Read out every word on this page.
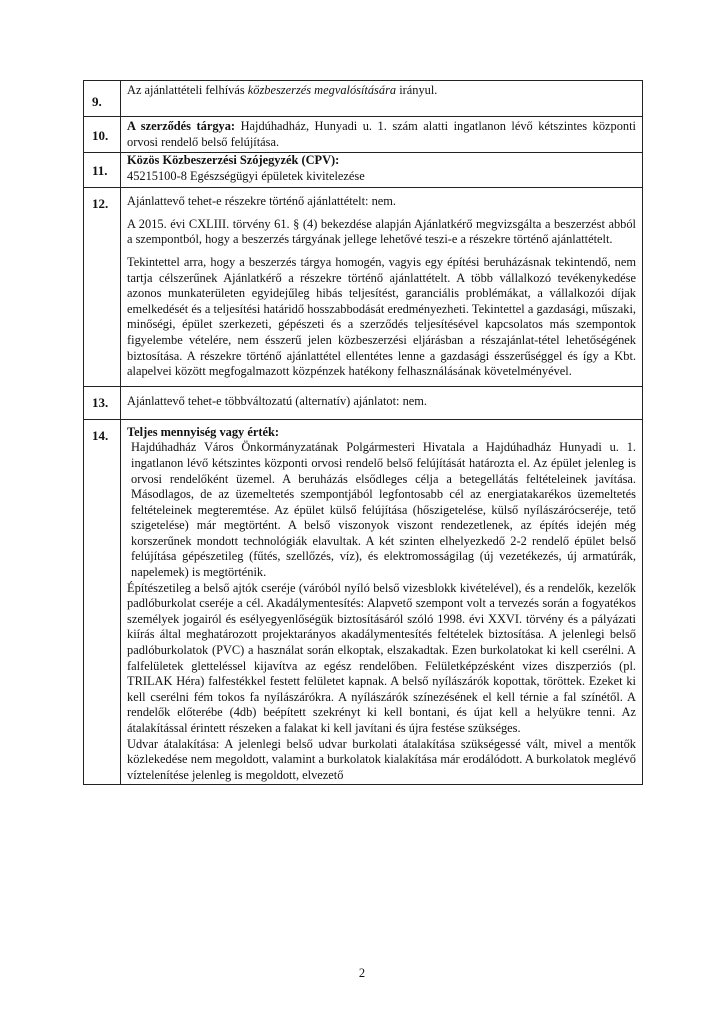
9.	Az ajánlattételi felhívás közbeszerzés megvalósítására irányul.

10.	A szerződés tárgya: Hajdúhadház, Hunyadi u. 1. szám alatti ingatlanon lévő kétszintes központi orvosi rendelő belső felújítása.

11.	Közös Közbeszerzési Szójegyzék (CPV):
45215100-8 Egészségügyi épületek kivitelezése

12.	Ajánlattevő tehet-e részekre történő ajánlattételt: nem.

A 2015. évi CXLIII. törvény 61. § (4) bekezdése alapján Ajánlatkérő megvizsgálta a beszerzést abból a szempontból, hogy a beszerzés tárgyának jellege lehetővé teszi-e a részekre történő ajánlattételt.

Tekintettel arra, hogy a beszerzés tárgya homogén, vagyis egy építési beruházásnak tekintendő, nem tartja célszerűnek Ajánlatkérő a részekre történő ajánlattételt. A több vállalkozó tevékenykedése azonos munkaterületen egyidejűleg hibás teljesítést, garanciális problémákat, a vállalkozói díjak emelkedését és a teljesítési határidő hosszabbodását eredményezheti. Tekintettel a gazdasági, műszaki, minőségi, épület szerkezeti, gépészeti és a szerződés teljesítésével kapcsolatos más szempontok figyelembe vételére, nem ésszerű jelen közbeszerzési eljárásban a részajánlat-tétel lehetőségének biztosítása. A részekre történő ajánlattétel ellentétes lenne a gazdasági ésszerűséggel és így a Kbt. alapelvei között megfogalmazott közpénzek hatékony felhasználásának követelményével.

13.	Ajánlattevő tehet-e többváltozatú (alternatív) ajánlatot: nem.

14.	Teljes mennyiség vagy érték:

Hajdúhadház Város Önkormányzatának Polgármesteri Hivatala a Hajdúhadház Hunyadi u. 1. ingatlanon lévő kétszintes központi orvosi rendelő belső felújítását határozta el. Az épület jelenleg is orvosi rendelőként üzemel. A beruházás elsődleges célja a betegellátás feltételeinek javítása. Másodlagos, de az üzemeltetés szempontjából legfontosabb cél az energiatakarékos üzemeltetés feltételeinek megteremtése. Az épület külső felújítása (hőszigetelése, külső nyílászárócseréje, tető szigetelése) már megtörtént. A belső viszonyok viszont rendezetlenek, az építés idején még korszerűnek mondott technológiák elavultak. A két szinten elhelyezkedő 2-2 rendelő épület belső felújítása gépészetileg (fűtés, szellőzés, víz), és elektromosságilag (új vezetékezés, új armatúrák, napelemek) is megtörténik.

Építészetileg a belső ajtók cseréje (váróból nyíló belső vizesblokk kivételével), és a rendelők, kezelők padlóburkolat cseréje a cél. Akadálymentesítés: Alapvető szempont volt a tervezés során a fogyatékos személyek jogairól és esélyegyenlőségük biztosításáról szóló 1998. évi XXVI. törvény és a pályázati kiírás által meghatározott projektarányos akadálymentesítés feltételek biztosítása. A jelenlegi belső padlóburkolatok (PVC) a használat során elkoptak, elszakadtak. Ezen burkolatokat ki kell cserélni. A falfelületek gletteléssel kijavítva az egész rendelőben. Felületképzésként vizes diszperziós (pl. TRILAK Héra) falfestékkel festett felületet kapnak. A belső nyílászárók kopottak, töröttek. Ezeket ki kell cserélni fém tokos fa nyílászárókra. A nyílászárók színezésének el kell térnie a fal színétől. A rendelők előterébe (4db) beépített szekrényt ki kell bontani, és újat kell a helyükre tenni. Az átalakítással érintett részeken a falakat ki kell javítani és újra festése szükséges.

Udvar átalakítása: A jelenlegi belső udvar burkolati átalakítása szükségessé vált, mivel a mentők közlekedése nem megoldott, valamint a burkolatok kialakítása már erodálódott. A burkolatok meglévő víztelenítése jelenleg is megoldott, elvezető

2
